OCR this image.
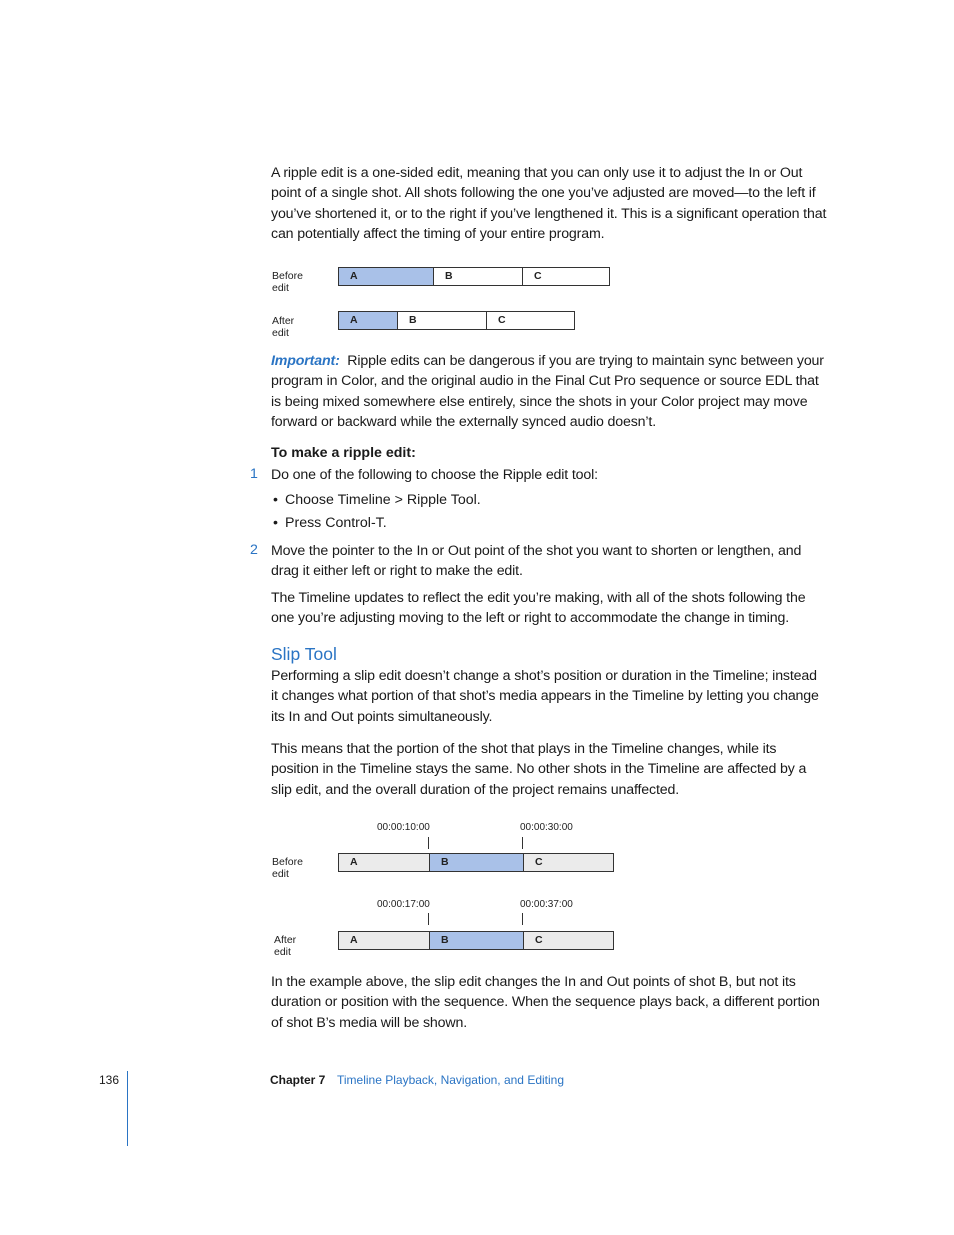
A ripple edit is a one-sided edit, meaning that you can only use it to adjust the In or Out point of a single shot. All shots following the one you’ve adjusted are moved—to the left if you’ve shortened it, or to the right if you’ve lengthened it. This is a significant operation that can potentially affect the timing of your entire program.

Before edit
A	B	C
After edit
A	B	C

Important: Ripple edits can be dangerous if you are trying to maintain sync between your program in Color, and the original audio in the Final Cut Pro sequence or source EDL that is being mixed somewhere else entirely, since the shots in your Color project may move forward or backward while the externally synced audio doesn’t.

To make a ripple edit:
1 Do one of the following to choose the Ripple edit tool:

• Choose Timeline > Ripple Tool.
• Press Control-T.
2 Move the pointer to the In or Out point of the shot you want to shorten or lengthen, and drag it either left or right to make the edit.

The Timeline updates to reflect the edit you’re making, with all of the shots following the one you’re adjusting moving to the left or right to accommodate the change in timing.

Slip Tool

Performing a slip edit doesn’t change a shot’s position or duration in the Timeline; instead it changes what portion of that shot’s media appears in the Timeline by letting you change its In and Out points simultaneously.

This means that the portion of the shot that plays in the Timeline changes, while its position in the Timeline stays the same. No other shots in the Timeline are affected by a slip edit, and the overall duration of the project remains unaffected.

00:00:10:00	00:00:30:00
Before edit
A	B	C
00:00:17:00	00:00:37:00
After edit
A	B	C

In the example above, the slip edit changes the In and Out points of shot B, but not its duration or position with the sequence. When the sequence plays back, a different portion of shot B’s media will be shown.

136	Chapter 7 Timeline Playback, Navigation, and Editing
